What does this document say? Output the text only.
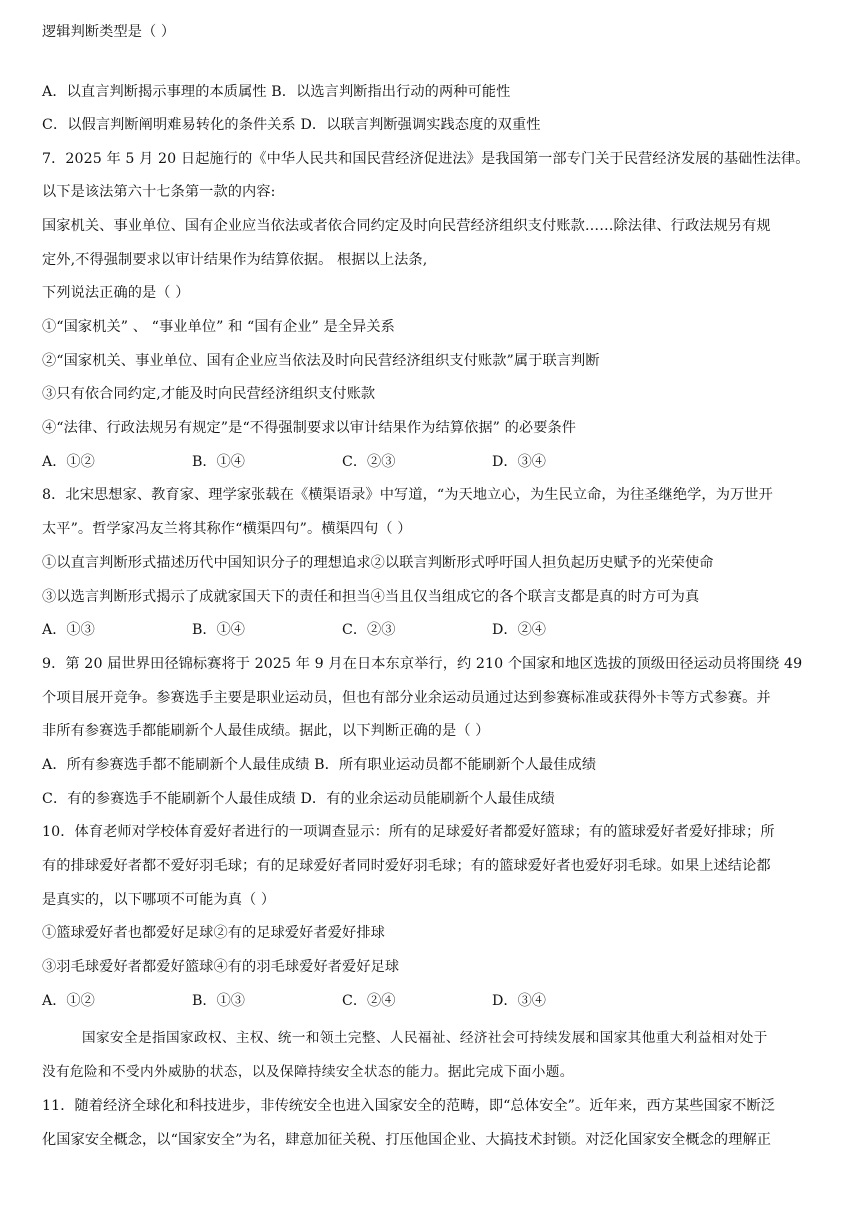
逻辑判断类型是（ ）
A．以直言判断揭示事理的本质属性 B．以选言判断指出行动的两种可能性
C．以假言判断阐明难易转化的条件关系 D．以联言判断强调实践态度的双重性
7．2025 年 5 月 20 日起施行的《中华人民共和国民营经济促进法》是我国第一部专门关于民营经济发展的基础性法律。
以下是该法第六十七条第一款的内容:
国家机关、事业单位、国有企业应当依法或者依合同约定及时向民营经济组织支付账款……除法律、行政法规另有规
定外,不得强制要求以审计结果作为结算依据。 根据以上法条,
下列说法正确的是（ ）
①“国家机关” 、 “事业单位” 和 “国有企业” 是全异关系
②“国家机关、事业单位、国有企业应当依法及时向民营经济组织支付账款”属于联言判断
③只有依合同约定,才能及时向民营经济组织支付账款
④“法律、行政法规另有规定”是“不得强制要求以审计结果作为结算依据” 的必要条件
A．①②	B．①④	C．②③	D．③④
8．北宋思想家、教育家、理学家张载在《横渠语录》中写道，“为天地立心，为生民立命，为往圣继绝学，为万世开
太平”。哲学家冯友兰将其称作“横渠四句”。横渠四句（ ）
①以直言判断形式描述历代中国知识分子的理想追求②以联言判断形式呼吁国人担负起历史赋予的光荣使命
③以选言判断形式揭示了成就家国天下的责任和担当④当且仅当组成它的各个联言支都是真的时方可为真
A．①③	B．①④	C．②③	D．②④
9．第 20 届世界田径锦标赛将于 2025 年 9 月在日本东京举行，约 210 个国家和地区选拔的顶级田径运动员将围绕 49
个项目展开竞争。参赛选手主要是职业运动员，但也有部分业余运动员通过达到参赛标准或获得外卡等方式参赛。并
非所有参赛选手都能刷新个人最佳成绩。据此，以下判断正确的是（ ）
A．所有参赛选手都不能刷新个人最佳成绩 B．所有职业运动员都不能刷新个人最佳成绩
C．有的参赛选手不能刷新个人最佳成绩 D．有的业余运动员能刷新个人最佳成绩
10．体育老师对学校体育爱好者进行的一项调查显示：所有的足球爱好者都爱好篮球；有的篮球爱好者爱好排球；所
有的排球爱好者都不爱好羽毛球；有的足球爱好者同时爱好羽毛球；有的篮球爱好者也爱好羽毛球。如果上述结论都
是真实的，以下哪项不可能为真（ ）
①篮球爱好者也都爱好足球②有的足球爱好者爱好排球
③羽毛球爱好者都爱好篮球④有的羽毛球爱好者爱好足球
A．①②	B．①③	C．②④	D．③④
国家安全是指国家政权、主权、统一和领土完整、人民福祉、经济社会可持续发展和国家其他重大利益相对处于
没有危险和不受内外威胁的状态，以及保障持续安全状态的能力。据此完成下面小题。
11．随着经济全球化和科技进步，非传统安全也进入国家安全的范畴，即“总体安全”。近年来，西方某些国家不断泛
化国家安全概念，以“国家安全”为名，肆意加征关税、打压他国企业、大搞技术封锁。对泛化国家安全概念的理解正
